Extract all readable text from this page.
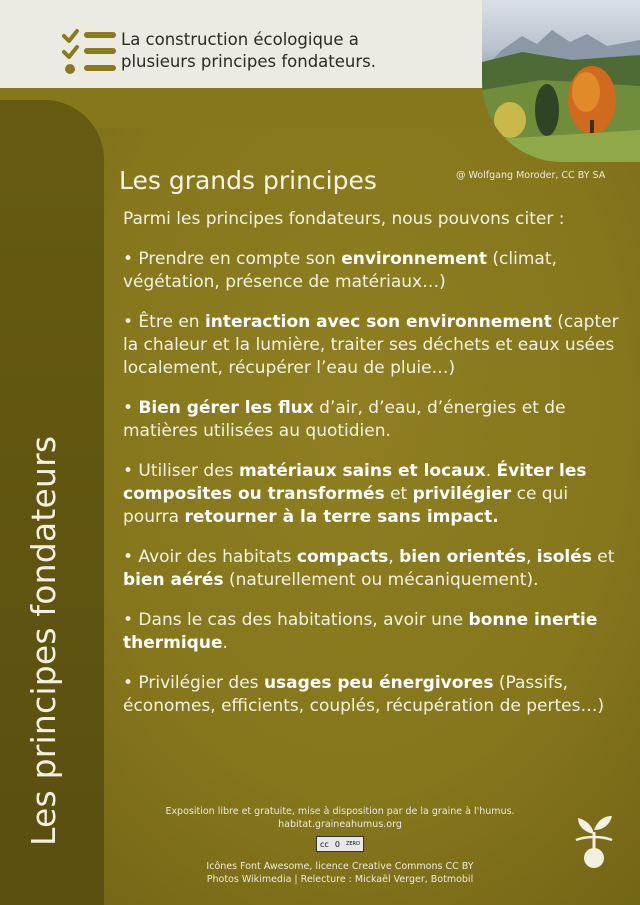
La construction écologique a
plusieurs principes fondateurs.
@ Wolfgang Moroder, CC BY SA
Les principes fondateurs
Les grands principes

Parmi les principes fondateurs, nous pouvons citer :

• Prendre en compte son environnement (climat, végétation, présence de matériaux…)

• Être en interaction avec son environnement (capter la chaleur et la lumière, traiter ses déchets et eaux usées localement, récupérer l’eau de pluie…)

• Bien gérer les flux d’air, d’eau, d’énergies et de matières utilisées au quotidien.

• Utiliser des matériaux sains et locaux. Éviter les composites ou transformés et privilégier ce qui pourra retourner à la terre sans impact.

• Avoir des habitats compacts, bien orientés, isolés et bien aérés (naturellement ou mécaniquement).

• Dans le cas des habitations, avoir une bonne inertie thermique.

• Privilégier des usages peu énergivores (Passifs, économes, efficients, couplés, récupération de pertes…)

Exposition libre et gratuite, mise à disposition par de la graine à l'humus.
habitat.graineahumus.org
cc 0 ZERO
Icônes Font Awesome, licence Creative Commons CC BY
Photos Wikimedia | Relecture : Mickaël Verger, Botmobil
